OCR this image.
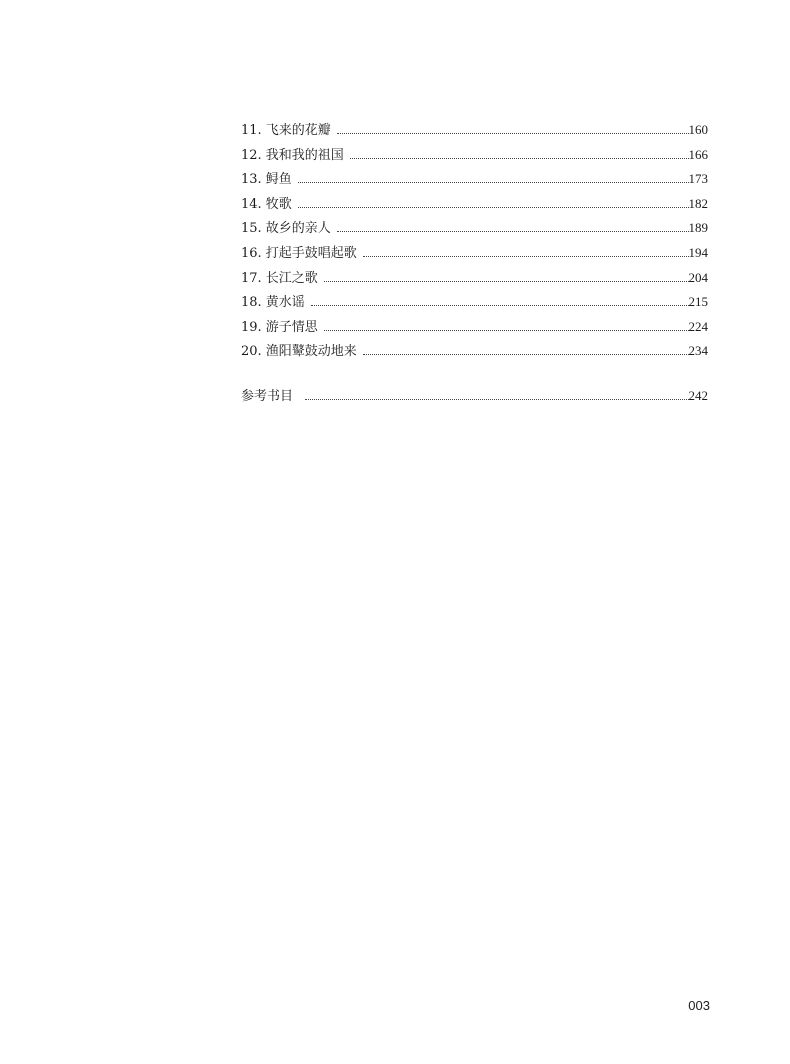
11. 飞来的花瓣	160
12. 我和我的祖国	166
13. 鲟鱼	173
14. 牧歌	182
15. 故乡的亲人	189
16. 打起手鼓唱起歌	194
17. 长江之歌	204
18. 黄水谣	215
19. 游子情思	224
20. 渔阳鼙鼓动地来	234
参考书目	242
003
